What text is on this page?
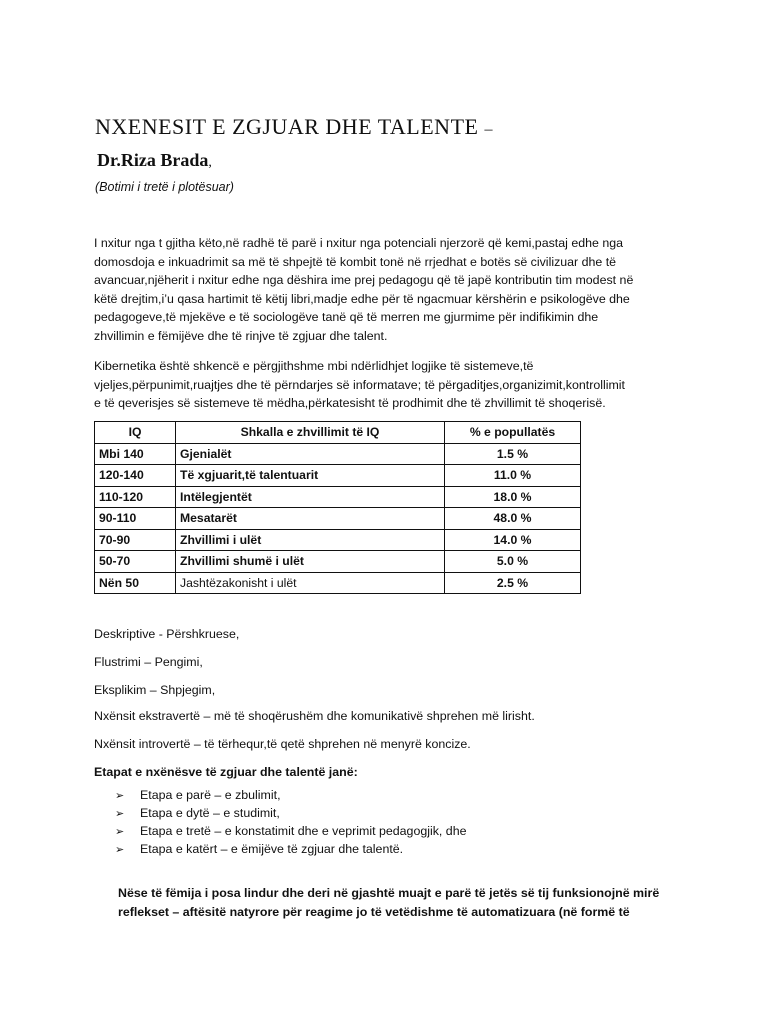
NXENESIT E ZGJUAR DHE TALENTE –
Dr.Riza Brada,
(Botimi i tretë i plotësuar)
I nxitur nga t gjitha këto,në radhë të parë i nxitur nga potenciali njerzorë që kemi,pastaj edhe nga
domosdoja e inkuadrimit sa më të shpejtë të kombit tonë në rrjedhat e botës së civilizuar dhe të
avancuar,njëherit i nxitur edhe nga dëshira ime prej pedagogu që të jap​ë kontributin tim modest në
këtë drejtim,i’u qasa hartimit të këtij libri,madje edhe për të ngacmuar kërshërin e psikologëve dhe
pedagogeve,të mjekëve e të sociologëve tanë që të merren me gjurmime për indifikimin dhe
zhvillimin e fëmijëve dhe të rinjve të zgjuar dhe talent.
Kibernetika është shkencë e përgjithshme mbi ndërlidhjet logjike të sistemeve,të
vjeljes,përpunimit,ruajtjes dhe të përndarjes së informatave; të përgaditjes,organizimit,kontrollimit
e të qeverisjes së sistemeve të mëdha,përkatesisht të prodhimit dhe të zhvillimit të shoqerisë.
IQ	Shkalla e zhvillimit të IQ	% e popullatës
Mbi 140	Gjenialët	1.5 %
120-140	Të xgjuarit,të talentuarit	11.0 %
110-120	Intëlegjentët	18.0 %
90-110	Mesatarët	48.0 %
70-90	Zhvillimi i ulët	14.0 %
50-70	Zhvillimi shumë i ulët	5.0 %
Nën 50	Jashtëzakonisht i ulët	2.5 %
Deskriptive - Përshkruese,
Flustrimi – Pengimi,
Eksplikim – Shpjegim,
Nxënsit ekstravertë – më të shoqërushëm dhe komunikativë shprehen më lirisht.
Nxënsit introvertë – të tërhequr,të qetë shprehen në menyrë koncize.
Etapat e nxënësve të zgjuar dhe talentë janë:
➢ Etapa e parë – e zbulimit,
➢ Etapa e dytë – e studimit,
➢ Etapa e tretë – e konstatimit dhe e veprimit pedagogjik, dhe
➢ Etapa e katërt – e ëmijëve të zgjuar dhe talentë.
Nëse të fëmija i posa lindur dhe deri në gjashtë muajt e parë të jetës së tij funksionojnë mirë
reflekset – aftësitë natyrore për reagime jo të vetëdishme të automatizuara (në formë të
